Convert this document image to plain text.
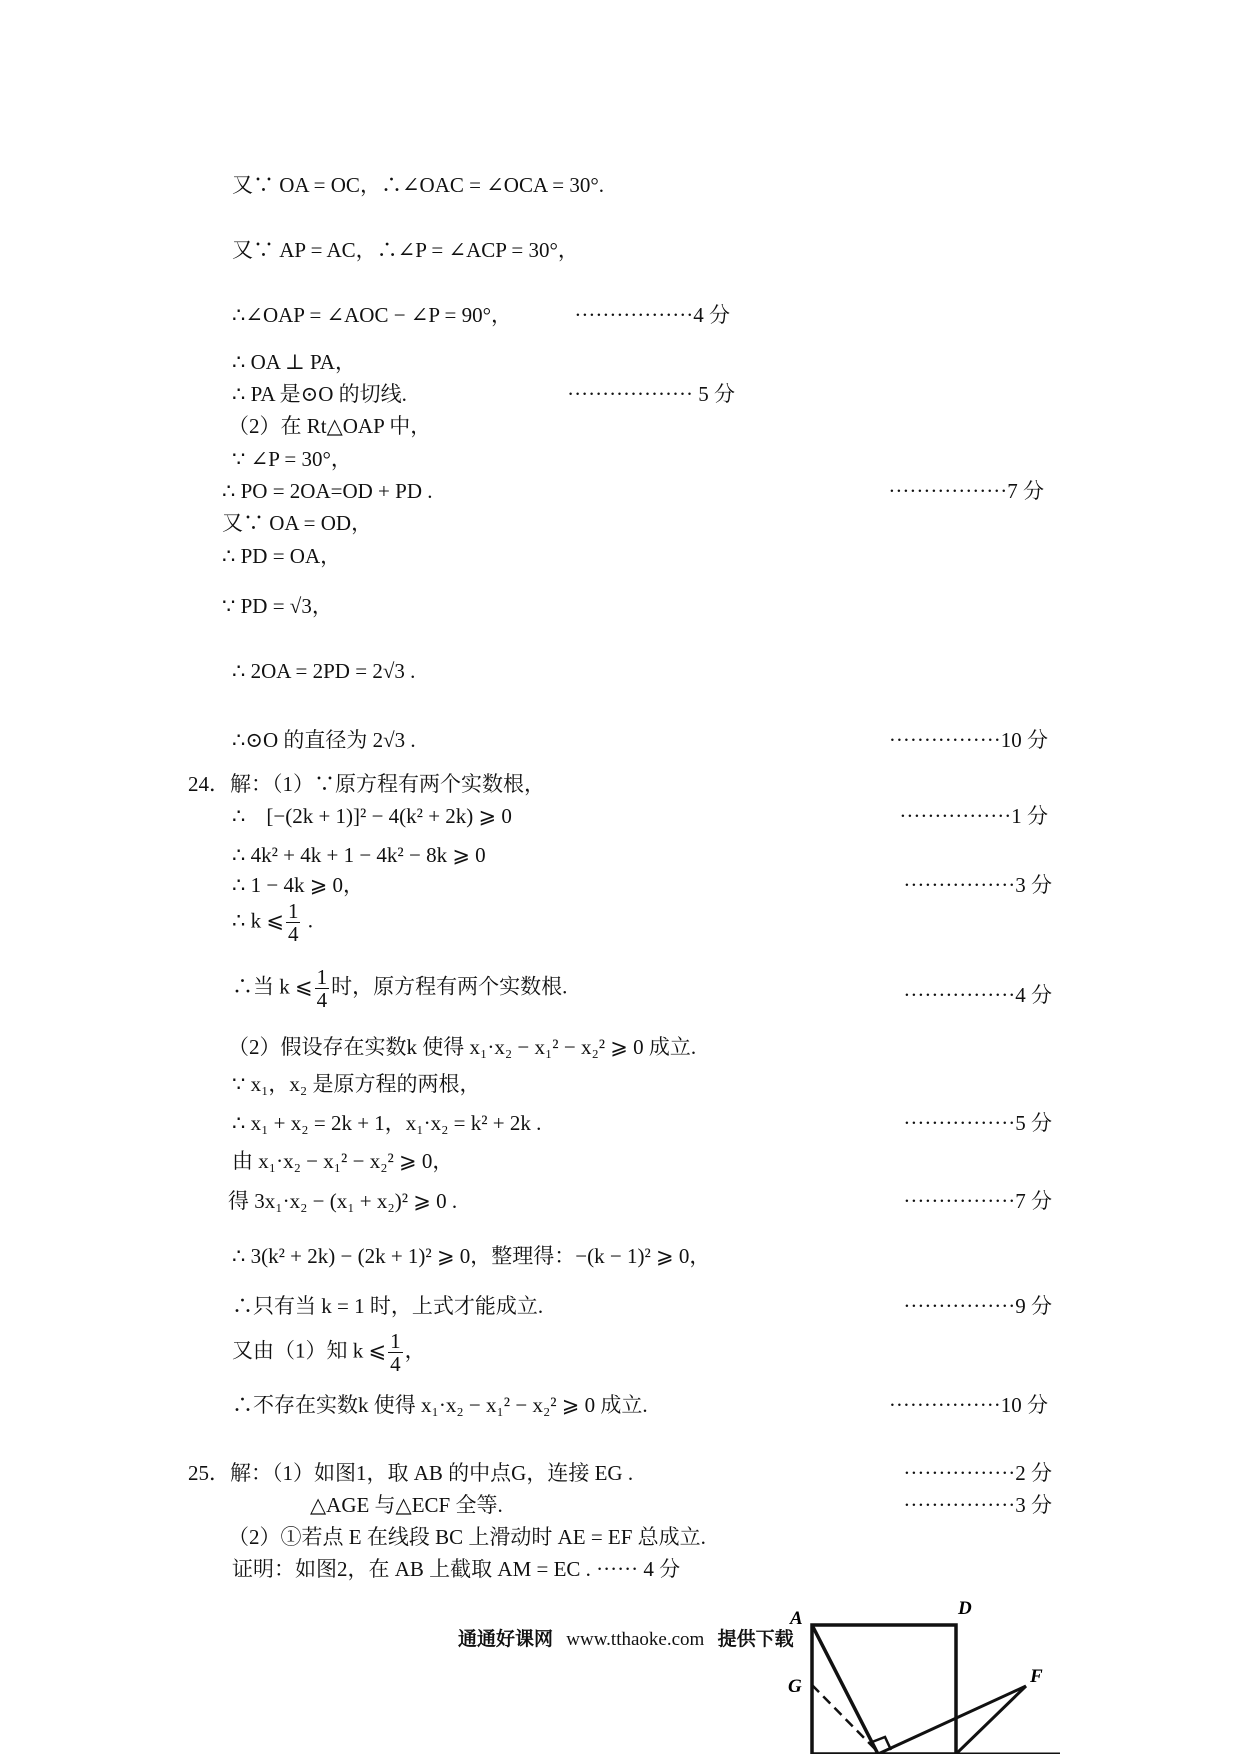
又∵ OA = OC，∴∠OAC = ∠OCA = 30°.
又∵ AP = AC，∴∠P = ∠ACP = 30°，
∴∠OAP = ∠AOC − ∠P = 90°，
∴ OA ⊥ PA，
∴ PA 是⊙O 的切线.
（2）在 Rt△OAP 中，
∵ ∠P = 30°，
∴ PO = 2OA=OD + PD .
又∵ OA = OD，
∴ PD = OA，
∵ PD = √3，
∴ 2OA = 2PD = 2√3 .
∴⊙O 的直径为 2√3 .
24．解：（1）∵原方程有两个实数根，
∴　[−(2k + 1)]² − 4(k² + 2k) ⩾ 0
∴ 4k² + 4k + 1 − 4k² − 8k ⩾ 0
∴ 1 − 4k ⩾ 0，
（2）假设存在实数k 使得 x₁·x₂ − x₁² − x₂² ⩾ 0 成立.
∵ x₁，x₂ 是原方程的两根，
∴ x₁ + x₂ = 2k + 1，x₁·x₂ = k² + 2k .
由 x₁·x₂ − x₁² − x₂² ⩾ 0，
得 3x₁·x₂ − (x₁ + x₂)² ⩾ 0 .
∴ 3(k² + 2k) − (2k + 1)² ⩾ 0，整理得：−(k − 1)² ⩾ 0，
∴只有当 k = 1 时，上式才能成立.
∴不存在实数k 使得 x₁·x₂ − x₁² − x₂² ⩾ 0 成立.
25．解：（1）如图1，取 AB 的中点G，连接 EG .
△AGE 与△ECF 全等.
（2）①若点 E 在线段 BC 上滑动时 AE = EF 总成立.
证明：如图2，在 AB 上截取 AM = EC . ······ 4 分
∴ k ⩽ $\frac{1}{4}$ .
∴当 k ⩽ $\frac{1}{4}$ 时，原方程有两个实数根.
又由（1）知 k ⩽ $\frac{1}{4}$ ，
·················4 分
·················· 5 分
·················7 分
················10 分
················1 分
················3 分
················4 分
················5 分
················7 分
················9 分
················10 分
················2 分
················3 分
通通好课网 www.tthaoke.com 提供下载
A	D
G	F
